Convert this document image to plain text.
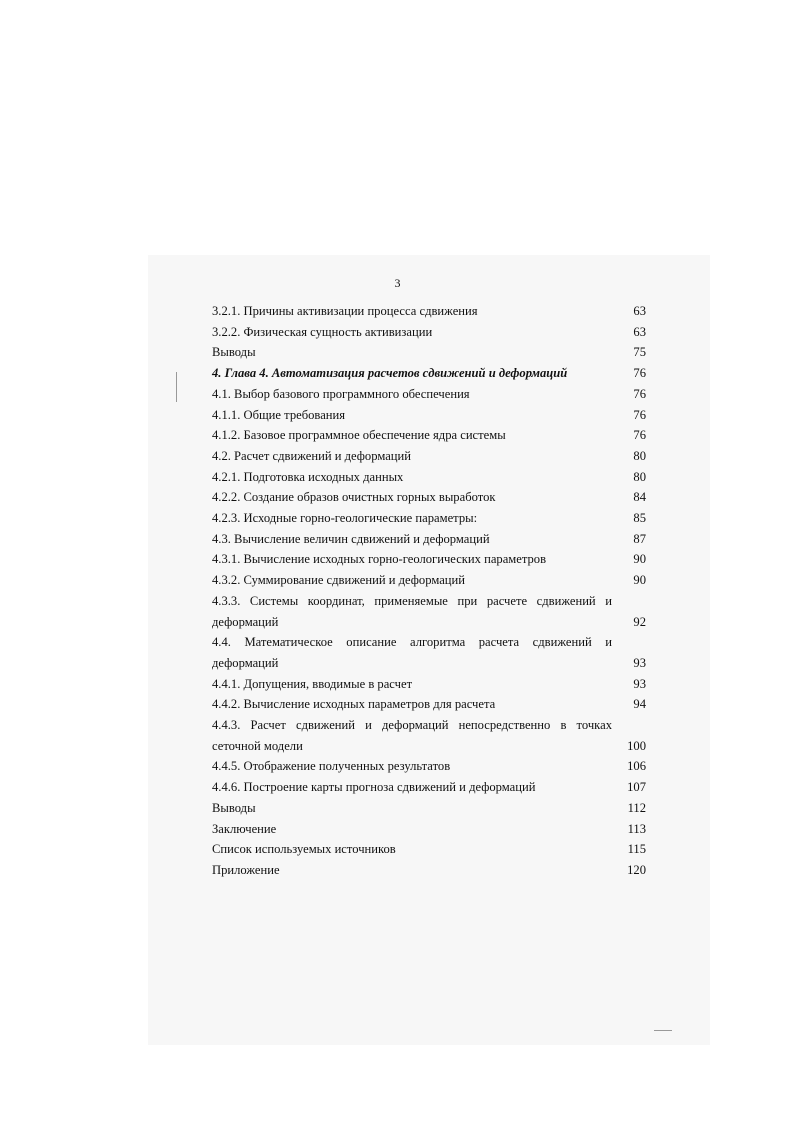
3
3.2.1. Причины активизации процесса сдвижения	63
3.2.2. Физическая сущность активизации	63
Выводы	75
4. Глава 4. Автоматизация расчетов сдвижений и деформаций	76
4.1. Выбор базового программного обеспечения	76
4.1.1. Общие требования	76
4.1.2. Базовое программное обеспечение ядра системы	76
4.2. Расчет сдвижений и деформаций	80
4.2.1. Подготовка исходных данных	80
4.2.2. Создание образов очистных горных выработок	84
4.2.3. Исходные горно-геологические параметры:	85
4.3. Вычисление величин сдвижений и деформаций	87
4.3.1. Вычисление исходных горно-геологических параметров	90
4.3.2. Суммирование сдвижений и деформаций	90
4.3.3. Системы координат, применяемые при расчете сдвижений и деформаций	92
4.4. Математическое описание алгоритма расчета сдвижений и деформаций	93
4.4.1. Допущения, вводимые в расчет	93
4.4.2. Вычисление исходных параметров для расчета	94
4.4.3. Расчет сдвижений и деформаций непосредственно в точках сеточной модели	100
4.4.5. Отображение полученных результатов	106
4.4.6. Построение карты прогноза сдвижений и деформаций	107
Выводы	112
Заключение	113
Список используемых источников	115
Приложение	120
